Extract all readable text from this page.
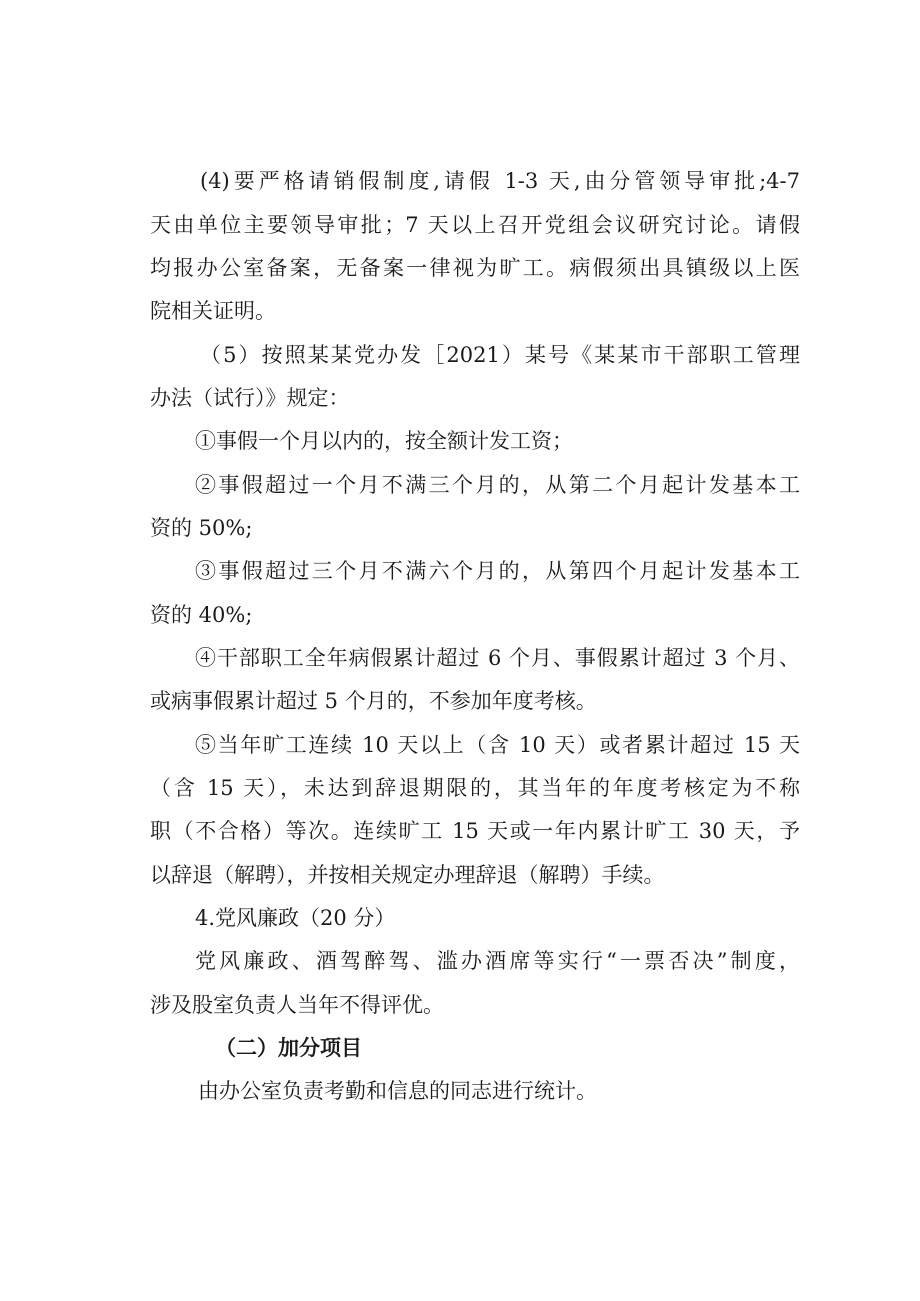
(4)要严格请销假制度,请假 1-3 天,由分管领导审批;4-7

天由单位主要领导审批；7 天以上召开党组会议研究讨论。请假

均报办公室备案，无备案一律视为旷工。病假须出具镇级以上医

院相关证明。

（5）按照某某党办发［2021）某号《某某市干部职工管理

办法（试行）》规定：

①事假一个月以内的，按全额计发工资；

②事假超过一个月不满三个月的，从第二个月起计发基本工

资的 50%;

③事假超过三个月不满六个月的，从第四个月起计发基本工

资的 40%;

④干部职工全年病假累计超过 6 个月、事假累计超过 3 个月、

或病事假累计超过 5 个月的，不参加年度考核。

⑤当年旷工连续 10 天以上（含 10 天）或者累计超过 15 天

（含 15 天），未达到辞退期限的，其当年的年度考核定为不称

职（不合格）等次。连续旷工 15 天或一年内累计旷工 30 天，予

以辞退（解聘），并按相关规定办理辞退（解聘）手续。

4.党风廉政（20 分）

党风廉政、酒驾醉驾、滥办酒席等实行“一票否决”制度，

涉及股室负责人当年不得评优。

（二）加分项目

由办公室负责考勤和信息的同志进行统计。
